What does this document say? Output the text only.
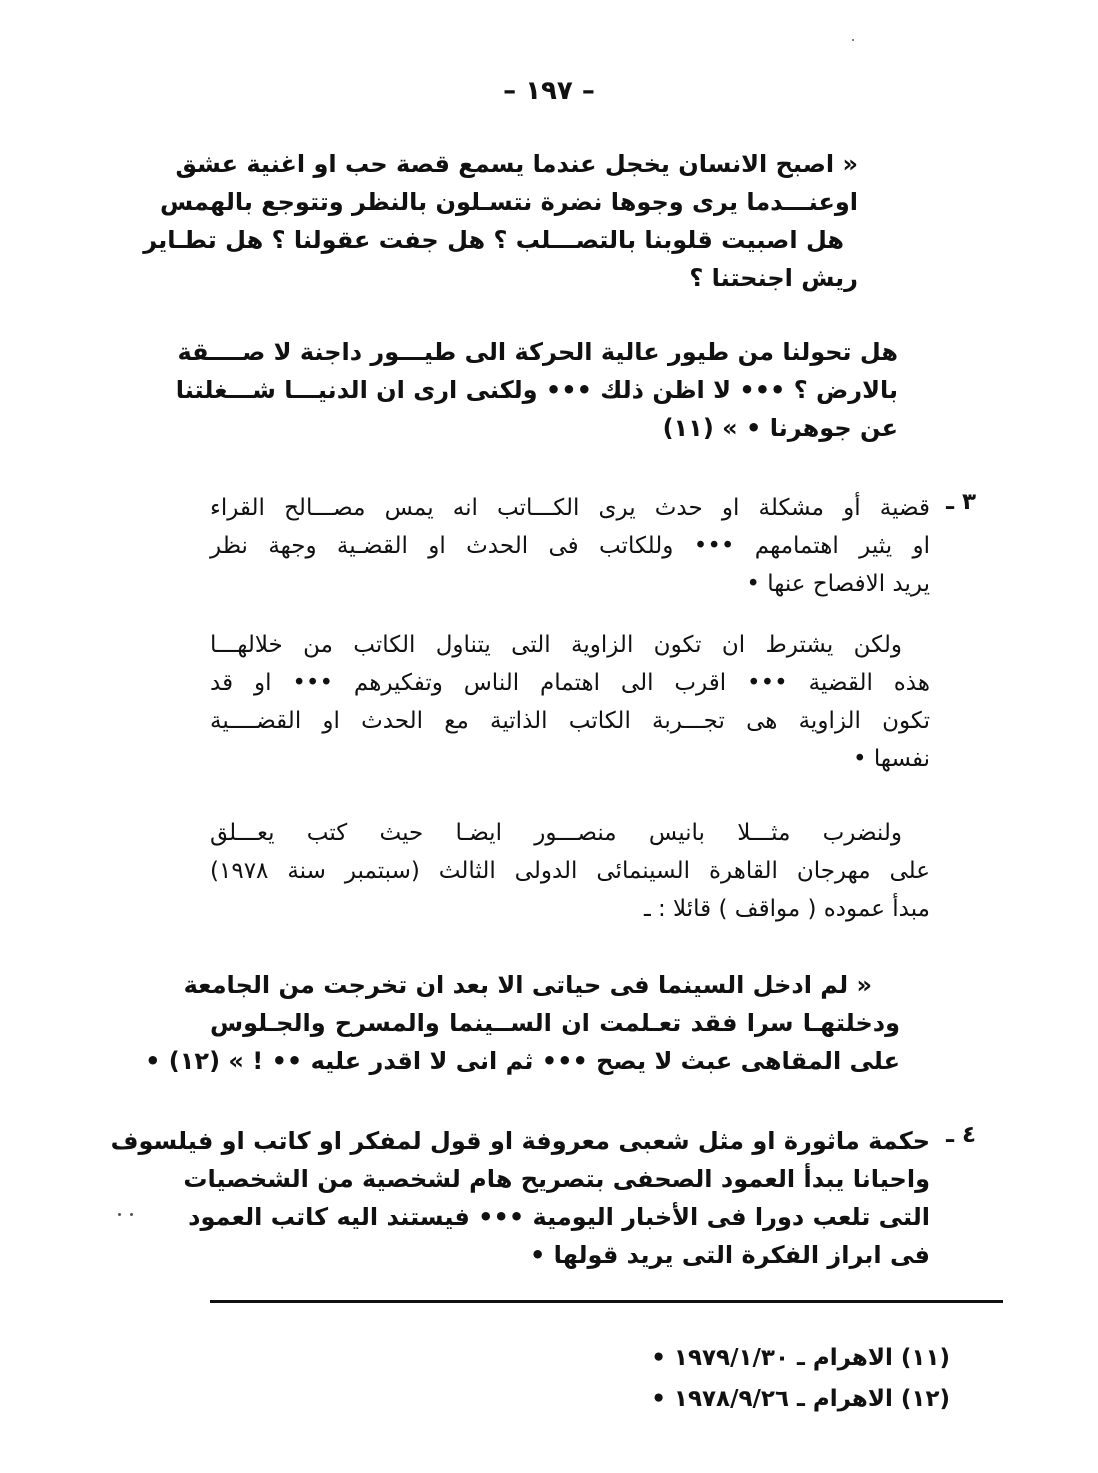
– ١٩٧ –
« اصبح الانسان يخجل عندما يسمع قصة حب او اغنية عشق
اوعنـــدما يرى وجوها نضرة نتسـلون بالنظر وتتوجع بالهمس
هل اصبيت قلوبنا بالتصـــلب ؟ هل جفت عقولنا ؟ هل تطـاير
ريش اجنحتنا ؟
هل تحولنا من طيور عالية الحركة الى طيـــور داجنة لا صــــقة
بالارض ؟ ••• لا اظن ذلك ••• ولكنى ارى ان الدنيـــا شـــغلتنا
عن جوهرنا • » (١١)
٣ ـ
قضية أو مشكلة او حدث يرى الكـــاتب انه يمس مصـــالح القراء
او يثير اهتمامهم ••• وللكاتب فى الحدث او القضـية وجهة نظر
يريد الافصاح عنها •
ولكن يشترط ان تكون الزاوية التى يتناول الكاتب من خلالهـــا
هذه القضية ••• اقرب الى اهتمام الناس وتفكيرهم ••• او قد
تكون الزاوية هى تجـــربة الكاتب الذاتية مع الحدث او القضــــية
نفسها •
ولنضرب مثـــلا بانيس منصـــور ايضـا حيث كتب يعـــلق
على مهرجان القاهرة السينمائى الدولى الثالث (سبتمبر سنة ١٩٧٨)
مبدأ عموده ( مواقف ) قائلا : ـ
« لم ادخل السينما فى حياتى الا بعد ان تخرجت من الجامعة
ودخلتهـا سرا فقد تعـلمت ان الســينما والمسرح والجـلوس
على المقاهى عبث لا يصح ••• ثم انى لا اقدر عليه •• ! » (١٢) •
٤ ـ
حكمة ماثورة او مثل شعبى معروفة او قول لمفكر او كاتب او فيلسوف
واحيانا يبدأ العمود الصحفى بتصريح هام لشخصية من الشخصيات
التى تلعب دورا فى الأخبار اليومية ••• فيستند اليه كاتب العمود
فى ابراز الفكرة التى يريد قولها •
(١١) الاهرام ـ ١٩٧٩/١/٣٠ •
(١٢) الاهرام ـ ١٩٧٨/٩/٢٦ •
